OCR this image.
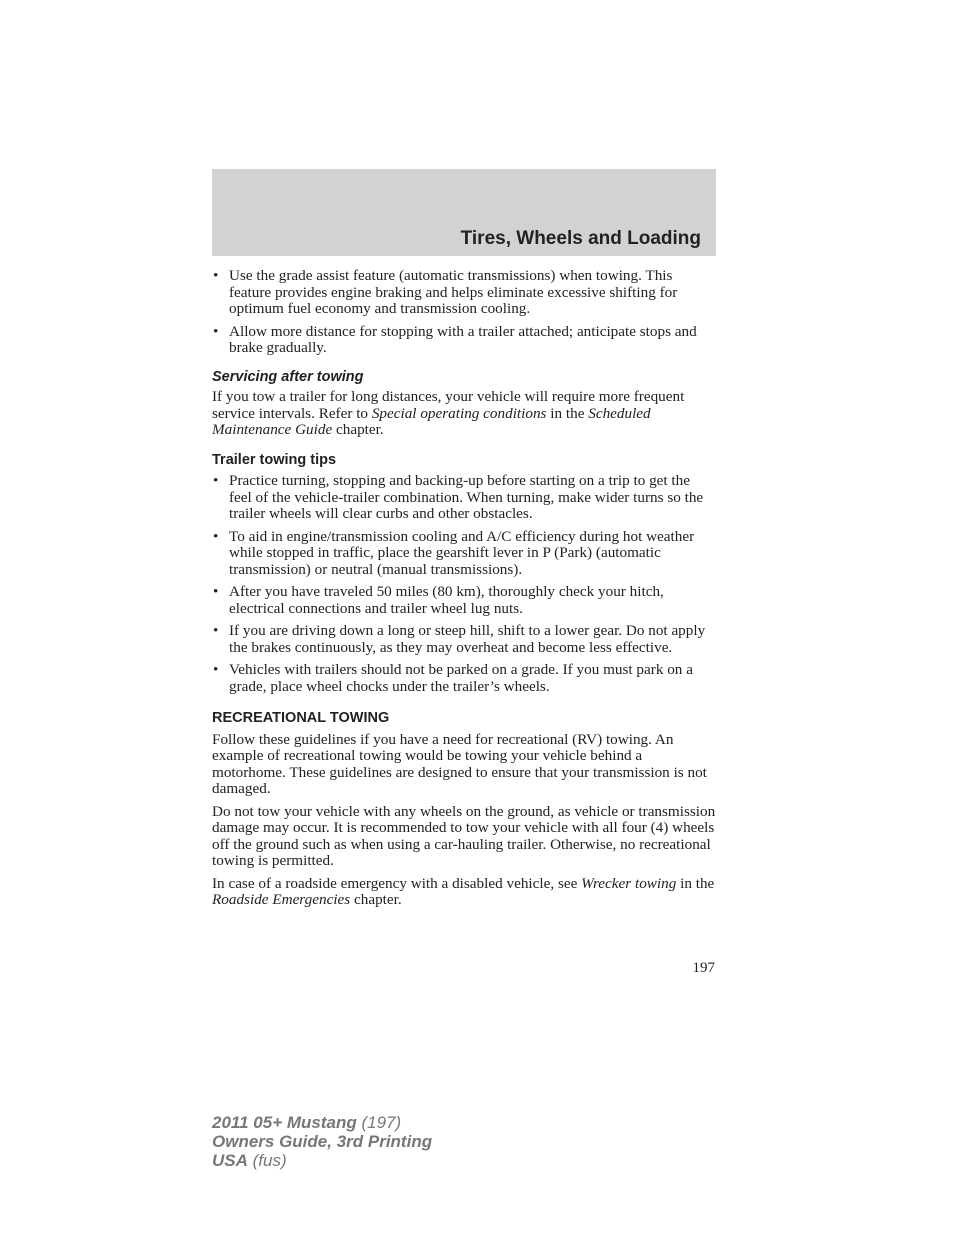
Tires, Wheels and Loading
• Use the grade assist feature (automatic transmissions) when towing. This feature provides engine braking and helps eliminate excessive shifting for optimum fuel economy and transmission cooling.
• Allow more distance for stopping with a trailer attached; anticipate stops and brake gradually.
Servicing after towing

If you tow a trailer for long distances, your vehicle will require more frequent service intervals. Refer to Special operating conditions in the Scheduled Maintenance Guide chapter.

Trailer towing tips
• Practice turning, stopping and backing-up before starting on a trip to get the feel of the vehicle-trailer combination. When turning, make wider turns so the trailer wheels will clear curbs and other obstacles.
• To aid in engine/transmission cooling and A/C efficiency during hot weather while stopped in traffic, place the gearshift lever in P (Park) (automatic transmission) or neutral (manual transmissions).
• After you have traveled 50 miles (80 km), thoroughly check your hitch, electrical connections and trailer wheel lug nuts.
• If you are driving down a long or steep hill, shift to a lower gear. Do not apply the brakes continuously, as they may overheat and become less effective.
• Vehicles with trailers should not be parked on a grade. If you must park on a grade, place wheel chocks under the trailer’s wheels.
RECREATIONAL TOWING

Follow these guidelines if you have a need for recreational (RV) towing. An example of recreational towing would be towing your vehicle behind a motorhome. These guidelines are designed to ensure that your transmission is not damaged.

Do not tow your vehicle with any wheels on the ground, as vehicle or transmission damage may occur. It is recommended to tow your vehicle with all four (4) wheels off the ground such as when using a car-hauling trailer. Otherwise, no recreational towing is permitted.

In case of a roadside emergency with a disabled vehicle, see Wrecker towing in the Roadside Emergencies chapter.

197
2011 05+ Mustang (197)
Owners Guide, 3rd Printing
USA (fus)
